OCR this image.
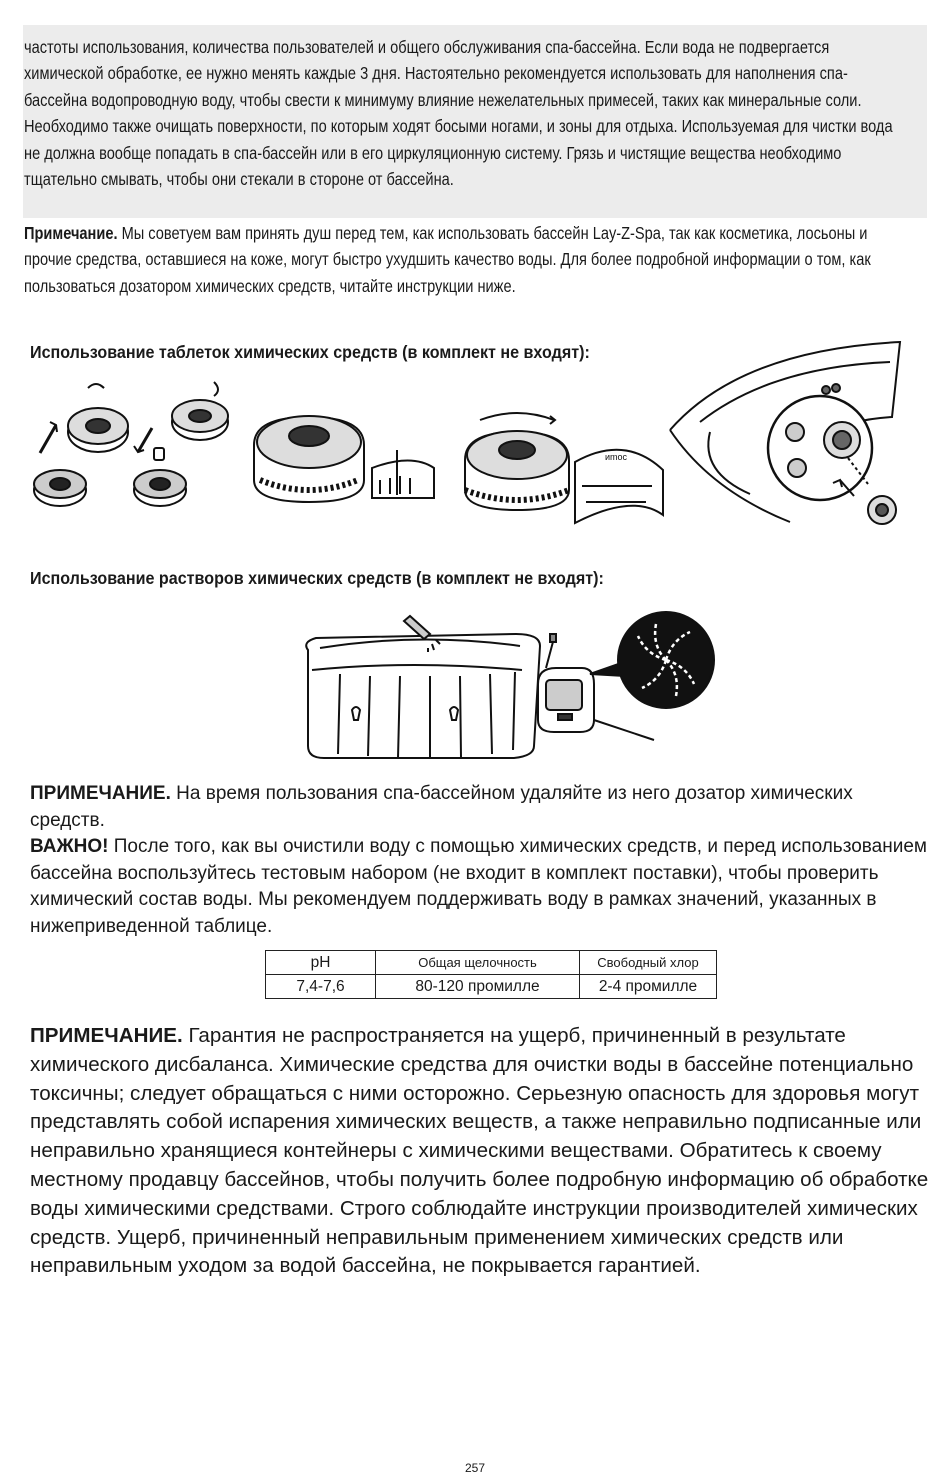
частоты использования, количества пользователей и общего обслуживания спа-бассейна. Если вода не подвергается химической обработке, ее нужно менять каждые 3 дня. Настоятельно рекомендуется использовать для наполнения спа-бассейна водопроводную воду, чтобы свести к минимуму влияние нежелательных примесей, таких как минеральные соли. Необходимо также очищать поверхности, по которым ходят босыми ногами, и зоны для отдыха. Используемая для чистки вода не должна вообще попадать в спа-бассейн или в его циркуляционную систему. Грязь и чистящие вещества необходимо тщательно смывать, чтобы они стекали в стороне от бассейна.
Примечание. Мы советуем вам принять душ перед тем, как использовать бассейн Lay-Z-Spa, так как косметика, лосьоны и прочие средства, оставшиеся на коже, могут быстро ухудшить качество воды. Для более подробной информации о том, как пользоваться дозатором химических средств, читайте инструкции ниже.
Использование таблеток химических средств (в комплект не входят):
ᴎmoᴄ
Использование растворов химических средств (в комплект не входят):
ПРИМЕЧАНИЕ. На время пользования спа-бассейном удаляйте из него дозатор химических средств.
ВАЖНО! После того, как вы очистили воду с помощью химических средств, и перед использованием бассейна воспользуйтесь тестовым набором (не входит в комплект поставки), чтобы проверить химический состав воды. Мы рекомендуем поддерживать воду в рамках значений, указанных в нижеприведенной таблице.
pH	Общая щелочность	Свободный хлор
7,4-7,6	80-120 промилле	2-4 промилле
ПРИМЕЧАНИЕ. Гарантия не распространяется на ущерб, причиненный в результате химического дисбаланса. Химические средства для очистки воды в бассейне потенциально токсичны; следует обращаться с ними осторожно. Серьезную опасность для здоровья могут представлять собой испарения химических веществ, а также неправильно подписанные или неправильно хранящиеся контейнеры с химическими веществами. Обратитесь к своему местному продавцу бассейнов, чтобы получить более подробную информацию об обработке воды химическими средствами. Строго соблюдайте инструкции производителей химических средств. Ущерб, причиненный неправильным применением химических средств или неправильным уходом за водой бассейна, не покрывается гарантией.
257
